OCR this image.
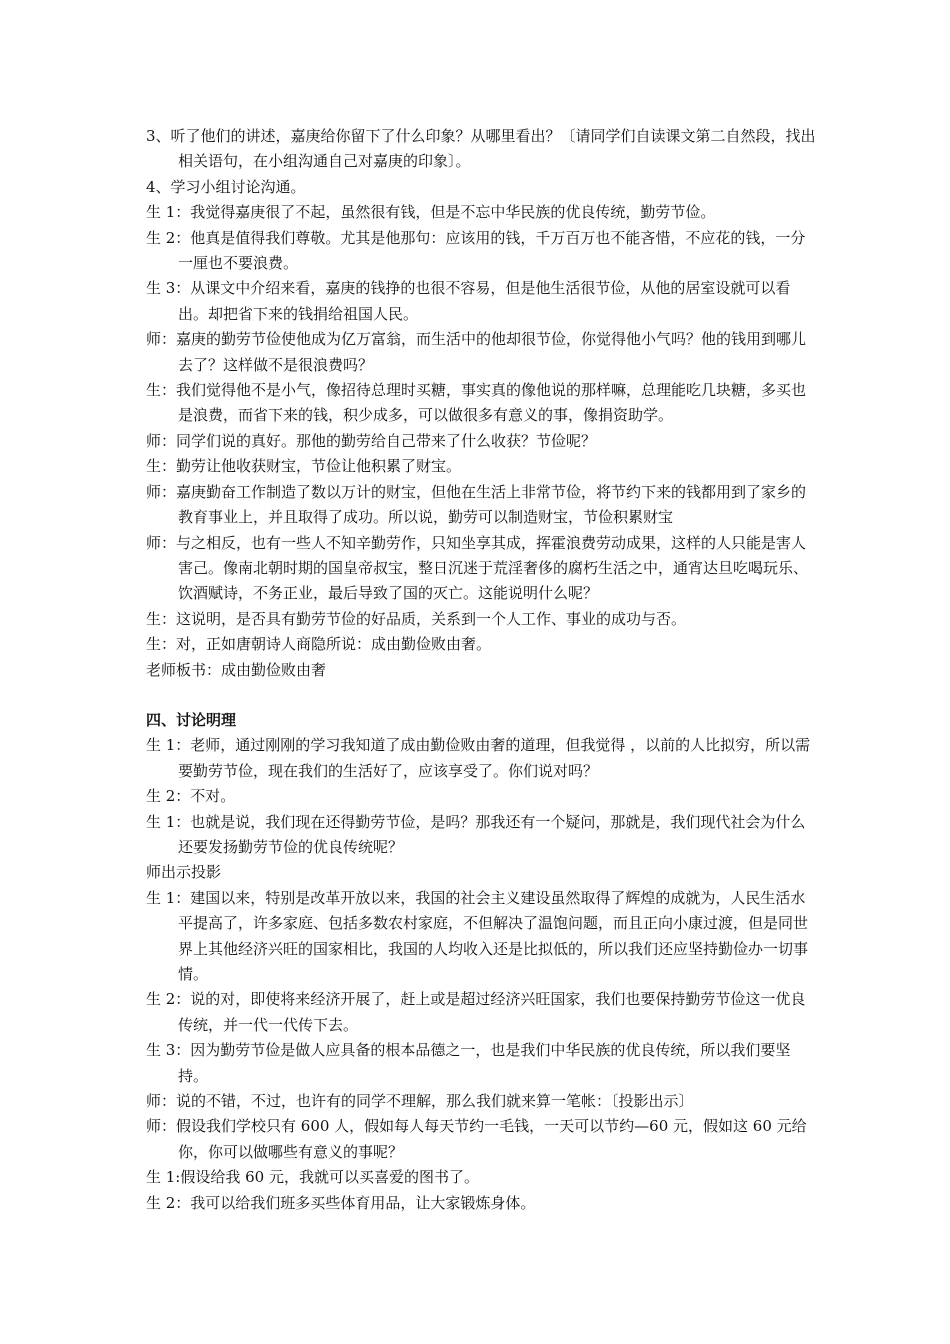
3、听了他们的讲述，嘉庚给你留下了什么印象？从哪里看出？〔请同学们自读课文第二自然段，找出相关语句，在小组沟通自己对嘉庚的印象〕。

4、学习小组讨论沟通。

生 1：我觉得嘉庚很了不起，虽然很有钱，但是不忘中华民族的优良传统，勤劳节俭。

生 2：他真是值得我们尊敬。尤其是他那句：应该用的钱，千万百万也不能吝惜，不应花的钱，一分一厘也不要浪费。

生 3：从课文中介绍来看，嘉庚的钱挣的也很不容易，但是他生活很节俭，从他的居室设就可以看出。却把省下来的钱捐给祖国人民。

师：嘉庚的勤劳节俭使他成为亿万富翁，而生活中的他却很节俭，你觉得他小气吗？他的钱用到哪儿去了？这样做不是很浪费吗？

生：我们觉得他不是小气，像招待总理时买糖，事实真的像他说的那样嘛，总理能吃几块糖，多买也是浪费，而省下来的钱，积少成多，可以做很多有意义的事，像捐资助学。

师：同学们说的真好。那他的勤劳给自己带来了什么收获？节俭呢？

生：勤劳让他收获财宝，节俭让他积累了财宝。

师：嘉庚勤奋工作制造了数以万计的财宝，但他在生活上非常节俭，将节约下来的钱都用到了家乡的教育事业上，并且取得了成功。所以说，勤劳可以制造财宝，节俭积累财宝

师：与之相反，也有一些人不知辛勤劳作，只知坐享其成，挥霍浪费劳动成果，这样的人只能是害人害己。像南北朝时期的国皇帝叔宝，整日沉迷于荒淫奢侈的腐朽生活之中，通宵达旦吃喝玩乐、饮酒赋诗，不务正业，最后导致了国的灭亡。这能说明什么呢？

生：这说明，是否具有勤劳节俭的好品质，关系到一个人工作、事业的成功与否。

生：对，正如唐朝诗人商隐所说：成由勤俭败由奢。

老师板书：成由勤俭败由奢

四、讨论明理

生 1：老师，通过刚刚的学习我知道了成由勤俭败由奢的道理，但我觉得 ，以前的人比拟穷，所以需要勤劳节俭，现在我们的生活好了，应该享受了。你们说对吗？

生 2：不对。

生 1：也就是说，我们现在还得勤劳节俭，是吗？那我还有一个疑问，那就是，我们现代社会为什么还要发扬勤劳节俭的优良传统呢？

师出示投影

生 1：建国以来，特别是改革开放以来，我国的社会主义建设虽然取得了辉煌的成就为，人民生活水平提高了，许多家庭、包括多数农村家庭，不但解决了温饱问题，而且正向小康过渡，但是同世界上其他经济兴旺的国家相比，我国的人均收入还是比拟低的，所以我们还应坚持勤俭办一切事情。

生 2：说的对，即使将来经济开展了，赶上或是超过经济兴旺国家，我们也要保持勤劳节俭这一优良传统，并一代一代传下去。

生 3：因为勤劳节俭是做人应具备的根本品德之一，也是我们中华民族的优良传统，所以我们要坚持。

师：说的不错，不过，也许有的同学不理解，那么我们就来算一笔帐：〔投影出示〕

师：假设我们学校只有 600 人，假如每人每天节约一毛钱，一天可以节约—60 元，假如这 60 元给你，你可以做哪些有意义的事呢？

生 1:假设给我 60 元，我就可以买喜爱的图书了。

生 2：我可以给我们班多买些体育用品，让大家锻炼身体。
